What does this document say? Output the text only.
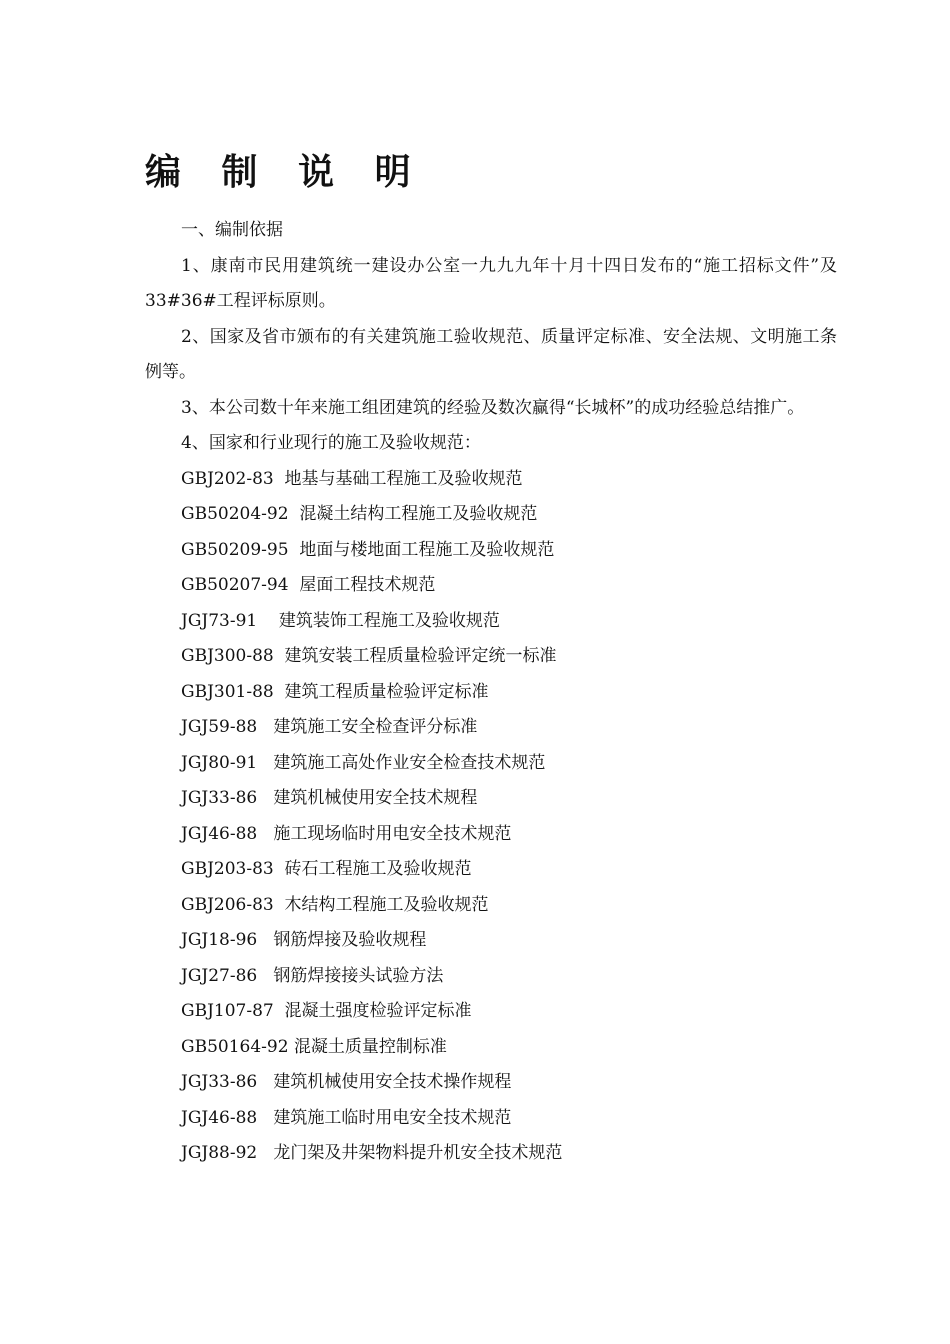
编 制 说 明

一、编制依据

1、康南市民用建筑统一建设办公室一九九九年十月十四日发布的“施工招标文件”及33#36#工程评标原则。

2、国家及省市颁布的有关建筑施工验收规范、质量评定标准、安全法规、文明施工条例等。

3、本公司数十年来施工组团建筑的经验及数次赢得“长城杯”的成功经验总结推广。

4、国家和行业现行的施工及验收规范：

GBJ202-83  地基与基础工程施工及验收规范
GB50204-92  混凝土结构工程施工及验收规范
GB50209-95  地面与楼地面工程施工及验收规范
GB50207-94  屋面工程技术规范
JGJ73-91    建筑装饰工程施工及验收规范
GBJ300-88  建筑安装工程质量检验评定统一标准
GBJ301-88  建筑工程质量检验评定标准
JGJ59-88   建筑施工安全检查评分标准
JGJ80-91   建筑施工高处作业安全检查技术规范
JGJ33-86   建筑机械使用安全技术规程
JGJ46-88   施工现场临时用电安全技术规范
GBJ203-83  砖石工程施工及验收规范
GBJ206-83  木结构工程施工及验收规范
JGJ18-96   钢筋焊接及验收规程
JGJ27-86   钢筋焊接接头试验方法
GBJ107-87  混凝土强度检验评定标准
GB50164-92 混凝土质量控制标准
JGJ33-86   建筑机械使用安全技术操作规程
JGJ46-88   建筑施工临时用电安全技术规范
JGJ88-92   龙门架及井架物料提升机安全技术规范
